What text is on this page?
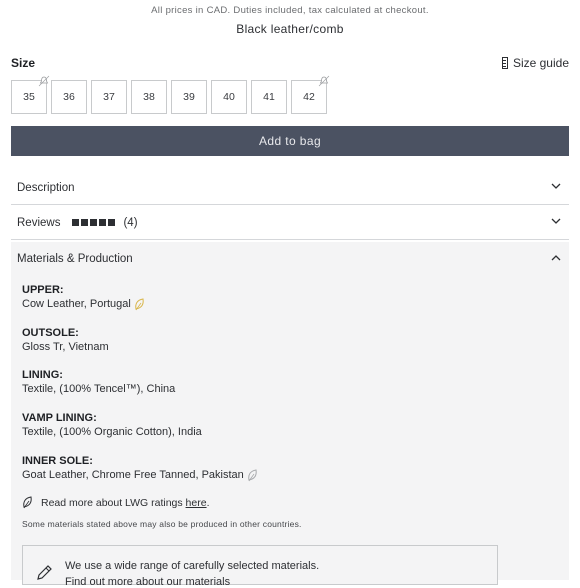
All prices in CAD. Duties included, tax calculated at checkout.
Black leather/comb
Size	Size guide
35	36	37	38	39	40	41	42
Add to bag
Description
Reviews	(4)
Materials & Production
UPPER:
Cow Leather, Portugal
OUTSOLE:
Gloss Tr, Vietnam
LINING:
Textile, (100% Tencel™), China
VAMP LINING:
Textile, (100% Organic Cotton), India
INNER SOLE:
Goat Leather, Chrome Free Tanned, Pakistan
Read more about LWG ratings here.
Some materials stated above may also be produced in other countries.
We use a wide range of carefully selected materials.
Find out more about our materials
